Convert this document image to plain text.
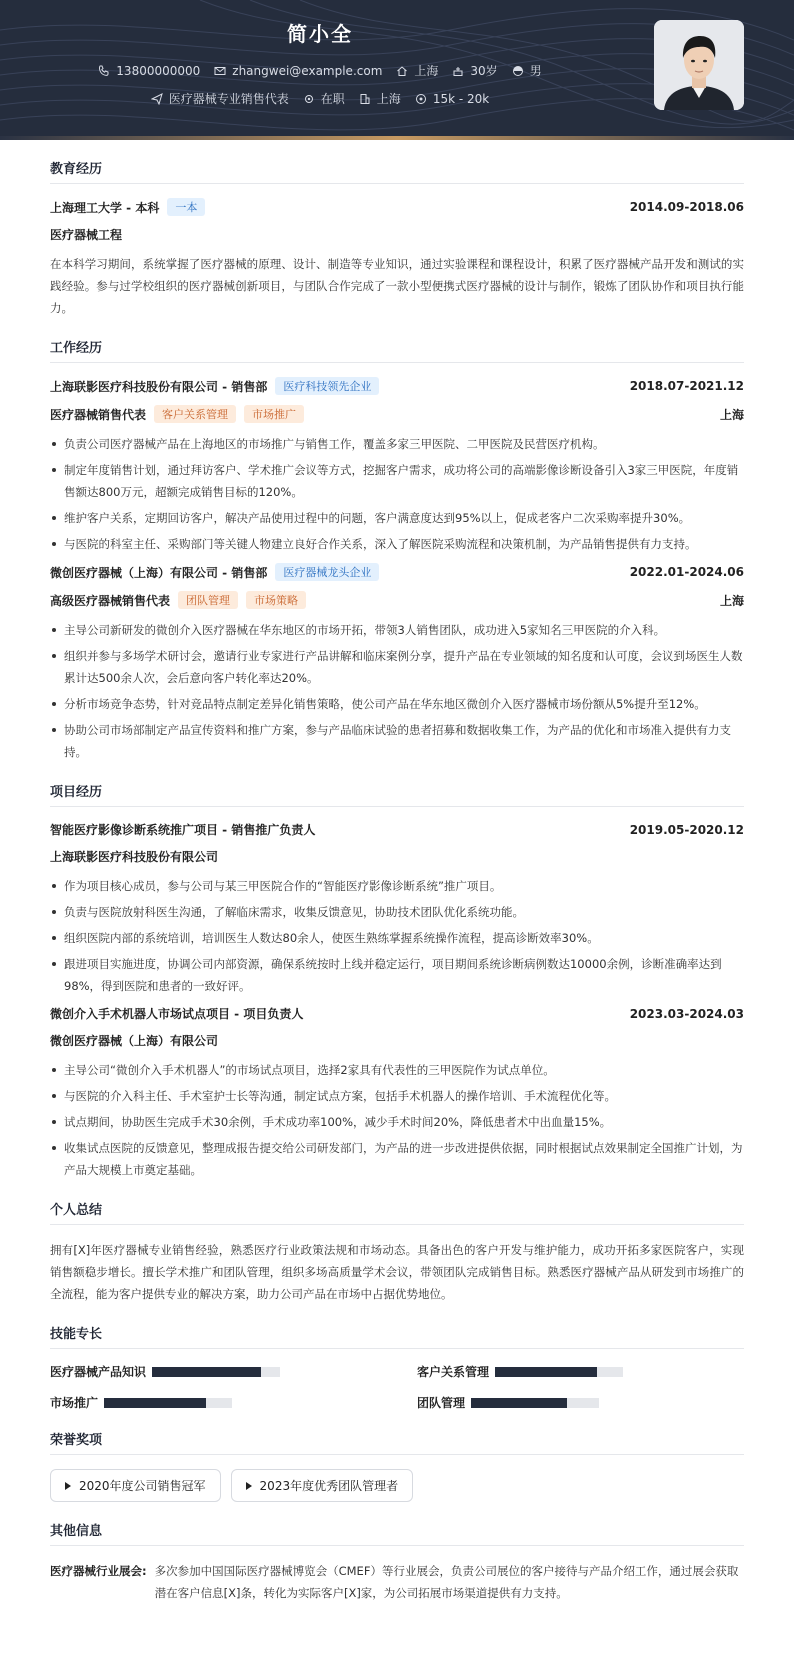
简小全
13800000000	zhangwei@example.com	上海	30岁	男
医疗器械专业销售代表	在职	上海	15k - 20k
教育经历
上海理工大学 - 本科	一本	2014.09-2018.06
医疗器械工程
在本科学习期间，系统掌握了医疗器械的原理、设计、制造等专业知识，通过实验课程和课程设计，积累了医疗器械产品开发和测试的实践经验。参与过学校组织的医疗器械创新项目，与团队合作完成了一款小型便携式医疗器械的设计与制作，锻炼了团队协作和项目执行能力。
工作经历
上海联影医疗科技股份有限公司 - 销售部	医疗科技领先企业	2018.07-2021.12
医疗器械销售代表	客户关系管理	市场推广	上海
负责公司医疗器械产品在上海地区的市场推广与销售工作，覆盖多家三甲医院、二甲医院及民营医疗机构。
制定年度销售计划，通过拜访客户、学术推广会议等方式，挖掘客户需求，成功将公司的高端影像诊断设备引入3家三甲医院，年度销售额达800万元，超额完成销售目标的120%。
维护客户关系，定期回访客户，解决产品使用过程中的问题，客户满意度达到95%以上，促成老客户二次采购率提升30%。
与医院的科室主任、采购部门等关键人物建立良好合作关系，深入了解医院采购流程和决策机制，为产品销售提供有力支持。
微创医疗器械（上海）有限公司 - 销售部	医疗器械龙头企业	2022.01-2024.06
高级医疗器械销售代表	团队管理	市场策略	上海
主导公司新研发的微创介入医疗器械在华东地区的市场开拓，带领3人销售团队，成功进入5家知名三甲医院的介入科。
组织并参与多场学术研讨会，邀请行业专家进行产品讲解和临床案例分享，提升产品在专业领域的知名度和认可度，会议到场医生人数累计达500余人次，会后意向客户转化率达20%。
分析市场竞争态势，针对竞品特点制定差异化销售策略，使公司产品在华东地区微创介入医疗器械市场份额从5%提升至12%。
协助公司市场部制定产品宣传资料和推广方案，参与产品临床试验的患者招募和数据收集工作，为产品的优化和市场准入提供有力支持。
项目经历
智能医疗影像诊断系统推广项目 - 销售推广负责人	2019.05-2020.12
上海联影医疗科技股份有限公司
作为项目核心成员，参与公司与某三甲医院合作的“智能医疗影像诊断系统”推广项目。
负责与医院放射科医生沟通，了解临床需求，收集反馈意见，协助技术团队优化系统功能。
组织医院内部的系统培训，培训医生人数达80余人，使医生熟练掌握系统操作流程，提高诊断效率30%。
跟进项目实施进度，协调公司内部资源，确保系统按时上线并稳定运行，项目期间系统诊断病例数达10000余例，诊断准确率达到98%，得到医院和患者的一致好评。
微创介入手术机器人市场试点项目 - 项目负责人	2023.03-2024.03
微创医疗器械（上海）有限公司
主导公司“微创介入手术机器人”的市场试点项目，选择2家具有代表性的三甲医院作为试点单位。
与医院的介入科主任、手术室护士长等沟通，制定试点方案，包括手术机器人的操作培训、手术流程优化等。
试点期间，协助医生完成手术30余例，手术成功率100%，减少手术时间20%，降低患者术中出血量15%。
收集试点医院的反馈意见，整理成报告提交给公司研发部门，为产品的进一步改进提供依据，同时根据试点效果制定全国推广计划，为产品大规模上市奠定基础。
个人总结
拥有[X]年医疗器械专业销售经验，熟悉医疗行业政策法规和市场动态。具备出色的客户开发与维护能力，成功开拓多家医院客户，实现销售额稳步增长。擅长学术推广和团队管理，组织多场高质量学术会议，带领团队完成销售目标。熟悉医疗器械产品从研发到市场推广的全流程，能为客户提供专业的解决方案，助力公司产品在市场中占据优势地位。
技能专长
医疗器械产品知识	客户关系管理
市场推广	团队管理
荣誉奖项
2020年度公司销售冠军	2023年度优秀团队管理者
其他信息
医疗器械行业展会: 多次参加中国国际医疗器械博览会（CMEF）等行业展会，负责公司展位的客户接待与产品介绍工作，通过展会获取潜在客户信息[X]条，转化为实际客户[X]家，为公司拓展市场渠道提供有力支持。
